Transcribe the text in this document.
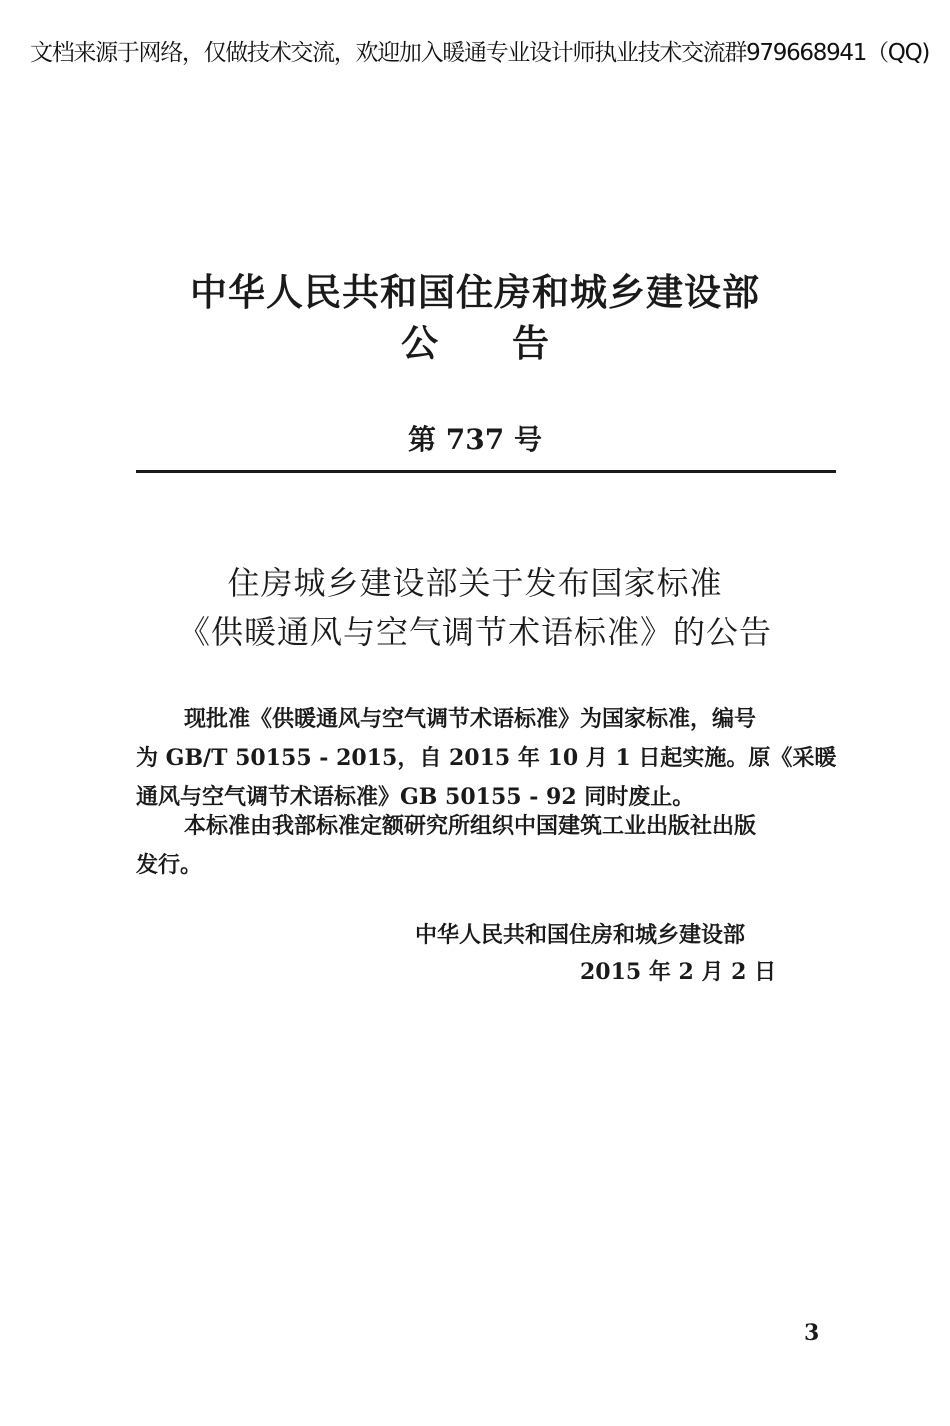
文档来源于网络，仅做技术交流，欢迎加入暖通专业设计师执业技术交流群979668941（QQ)
中华人民共和国住房和城乡建设部
公　　告
第 737 号
住房城乡建设部关于发布国家标准
《供暖通风与空气调节术语标准》的公告
现批准《供暖通风与空气调节术语标准》为国家标准，编号
为 GB/T 50155 - 2015，自 2015 年 10 月 1 日起实施。原《采暖
通风与空气调节术语标准》GB 50155 - 92 同时废止。
本标准由我部标准定额研究所组织中国建筑工业出版社出版
发行。
中华人民共和国住房和城乡建设部
2015 年 2 月 2 日
3
